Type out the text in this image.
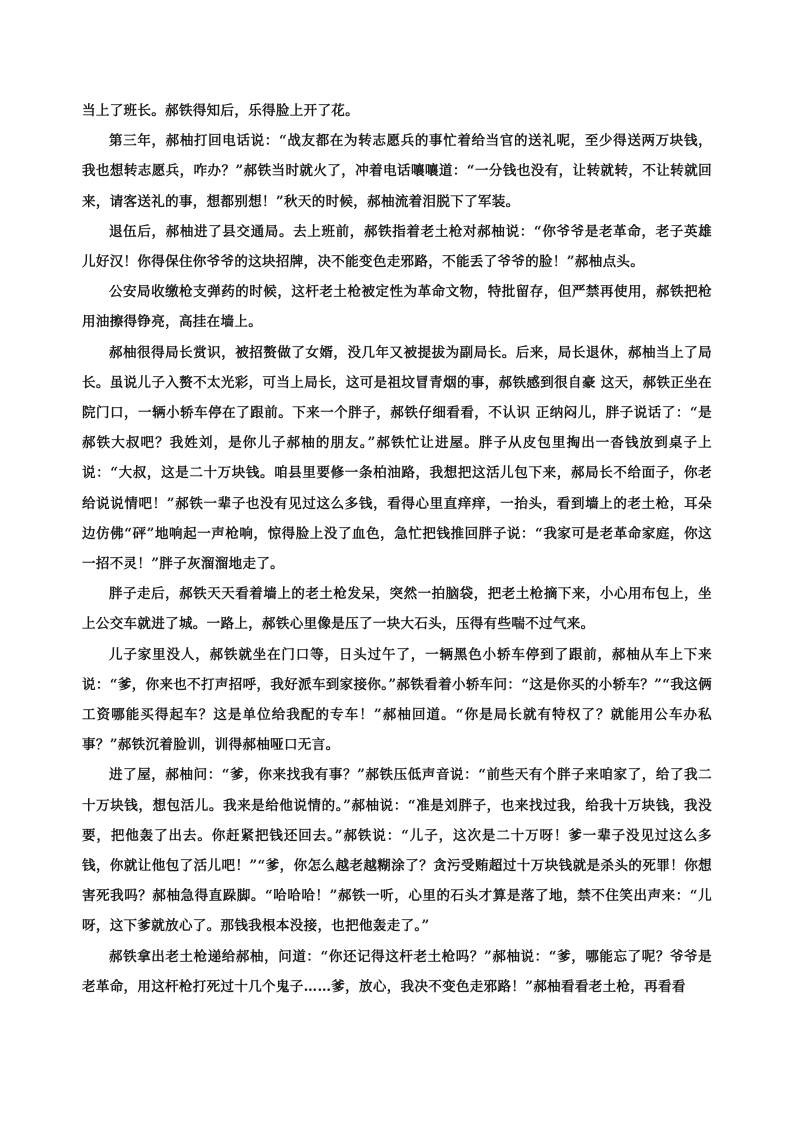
当上了班长。郝铁得知后，乐得脸上开了花。

第三年，郝柚打回电话说：“战友都在为转志愿兵的事忙着给当官的送礼呢，至少得送两万块钱，我也想转志愿兵，咋办？”郝铁当时就火了，冲着电话嚷嚷道：“一分钱也没有，让转就转，不让转就回来，请客送礼的事，想都别想！”秋天的时候，郝柚流着泪脱下了军装。

退伍后，郝柚进了县交通局。去上班前，郝铁指着老土枪对郝柚说：“你爷爷是老革命，老子英雄儿好汉！你得保住你爷爷的这块招牌，决不能变色走邪路，不能丢了爷爷的脸！”郝柚点头。

公安局收缴枪支弹药的时候，这杆老土枪被定性为革命文物，特批留存，但严禁再使用，郝铁把枪用油擦得铮亮，高挂在墙上。

郝柚很得局长赏识，被招赘做了女婿，没几年又被提拔为副局长。后来，局长退休，郝柚当上了局长。虽说儿子入赘不太光彩，可当上局长，这可是祖坟冒青烟的事，郝铁感到很自豪 这天，郝铁正坐在院门口，一辆小轿车停在了跟前。下来一个胖子，郝铁仔细看看，不认识 正纳闷儿，胖子说话了：“是郝铁大叔吧？我姓刘，是你儿子郝柚的朋友。”郝铁忙让进屋。胖子从皮包里掏出一沓钱放到桌子上说：“大叔，这是二十万块钱。咱县里要修一条柏油路，我想把这活儿包下来，郝局长不给面子，你老给说说情吧！”郝铁一辈子也没有见过这么多钱，看得心里直痒痒，一抬头，看到墙上的老土枪，耳朵边仿佛“砰”地响起一声枪响，惊得脸上没了血色，急忙把钱推回胖子说：“我家可是老革命家庭，你这一招不灵！”胖子灰溜溜地走了。

胖子走后，郝铁天天看着墙上的老土枪发呆，突然一拍脑袋，把老土枪摘下来，小心用布包上，坐上公交车就进了城。一路上，郝铁心里像是压了一块大石头，压得有些喘不过气来。

儿子家里没人，郝铁就坐在门口等，日头过午了，一辆黑色小轿车停到了跟前，郝柚从车上下来说：“爹，你来也不打声招呼，我好派车到家接你。”郝铁看着小轿车问：“这是你买的小轿车？”“我这俩工资哪能买得起车？这是单位给我配的专车！”郝柚回道。“你是局长就有特权了？就能用公车办私事？”郝铁沉着脸训，训得郝柚哑口无言。

进了屋，郝柚问：“爹，你来找我有事？”郝铁压低声音说：“前些天有个胖子来咱家了，给了我二十万块钱，想包活儿。我来是给他说情的。”郝柚说：“准是刘胖子，也来找过我，给我十万块钱，我没要，把他轰了出去。你赶紧把钱还回去。”郝铁说：“儿子，这次是二十万呀！爹一辈子没见过这么多钱，你就让他包了活儿吧！”“爹，你怎么越老越糊涂了？贪污受贿超过十万块钱就是杀头的死罪！你想害死我吗？郝柚急得直跺脚。“哈哈哈！”郝铁一听，心里的石头才算是落了地，禁不住笑出声来：“儿呀，这下爹就放心了。那钱我根本没接，也把他轰走了。”

郝铁拿出老土枪递给郝柚，问道：“你还记得这杆老土枪吗？”郝柚说：“爹，哪能忘了呢？爷爷是老革命，用这杆枪打死过十几个鬼子……爹，放心，我决不变色走邪路！”郝柚看看老土枪，再看看
